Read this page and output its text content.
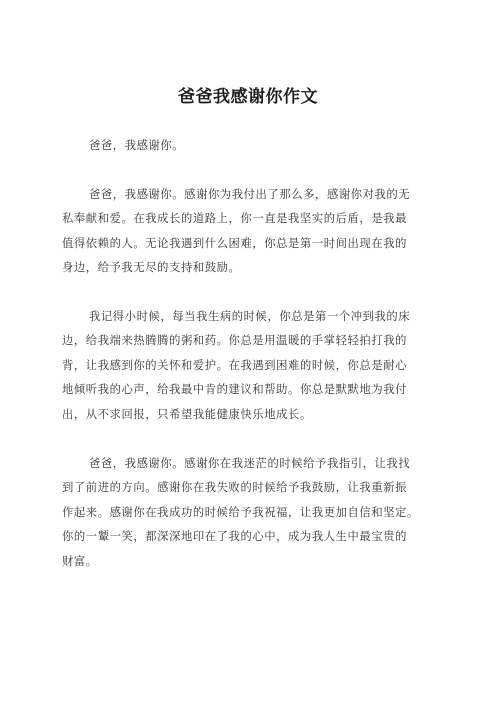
爸爸我感谢你作文

爸爸，我感谢你。

爸爸，我感谢你。感谢你为我付出了那么多，感谢你对我的无

私奉献和爱。在我成长的道路上，你一直是我坚实的后盾，是我最

值得依赖的人。无论我遇到什么困难，你总是第一时间出现在我的

身边，给予我无尽的支持和鼓励。

我记得小时候，每当我生病的时候，你总是第一个冲到我的床

边，给我端来热腾腾的粥和药。你总是用温暖的手掌轻轻拍打我的

背，让我感到你的关怀和爱护。在我遇到困难的时候，你总是耐心

地倾听我的心声，给我最中肯的建议和帮助。你总是默默地为我付

出，从不求回报，只希望我能健康快乐地成长。

爸爸，我感谢你。感谢你在我迷茫的时候给予我指引，让我找

到了前进的方向。感谢你在我失败的时候给予我鼓励，让我重新振

作起来。感谢你在我成功的时候给予我祝福，让我更加自信和坚定。

你的一颦一笑，都深深地印在了我的心中，成为我人生中最宝贵的

财富。
